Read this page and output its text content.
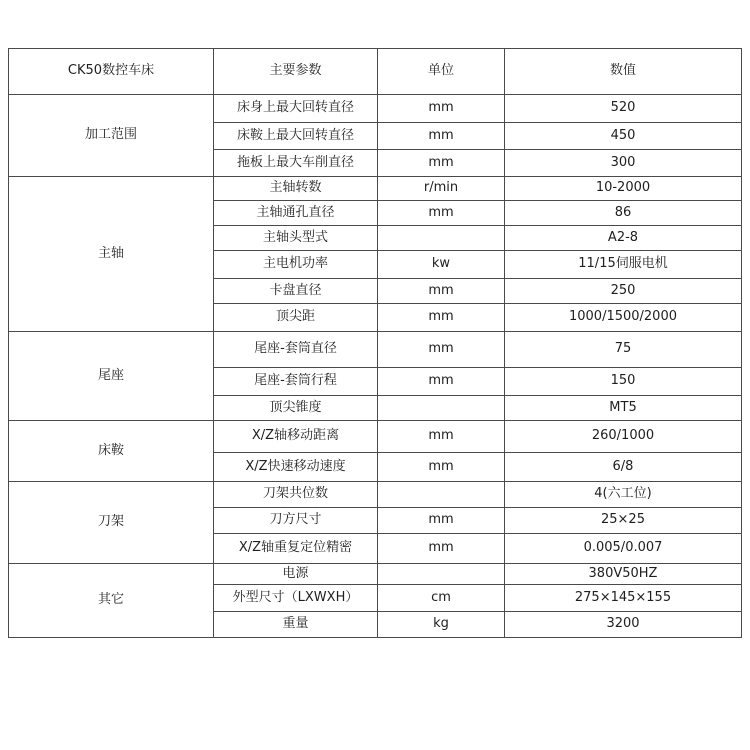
CK50数控车床	主要参数	单位	数值
加工范围	床身上最大回转直径	mm	520
	床鞍上最大回转直径	mm	450
	拖板上最大车削直径	mm	300
主轴	主轴转数	r/min	10-2000
	主轴通孔直径	mm	86
	主轴头型式		A2-8
	主电机功率	kw	11/15伺服电机
	卡盘直径	mm	250
	顶尖距	mm	1000/1500/2000
尾座	尾座-套筒直径	mm	75
	尾座-套筒行程	mm	150
	顶尖锥度		MT5
床鞍	X/Z轴移动距离	mm	260/1000
	X/Z快速移动速度	mm	6/8
刀架	刀架共位数		4(六工位)
	刀方尺寸	mm	25×25
	X/Z轴重复定位精密	mm	0.005/0.007
其它	电源		380V50HZ
	外型尺寸（LXWXH）	cm	275×145×155
	重量	kg	3200
